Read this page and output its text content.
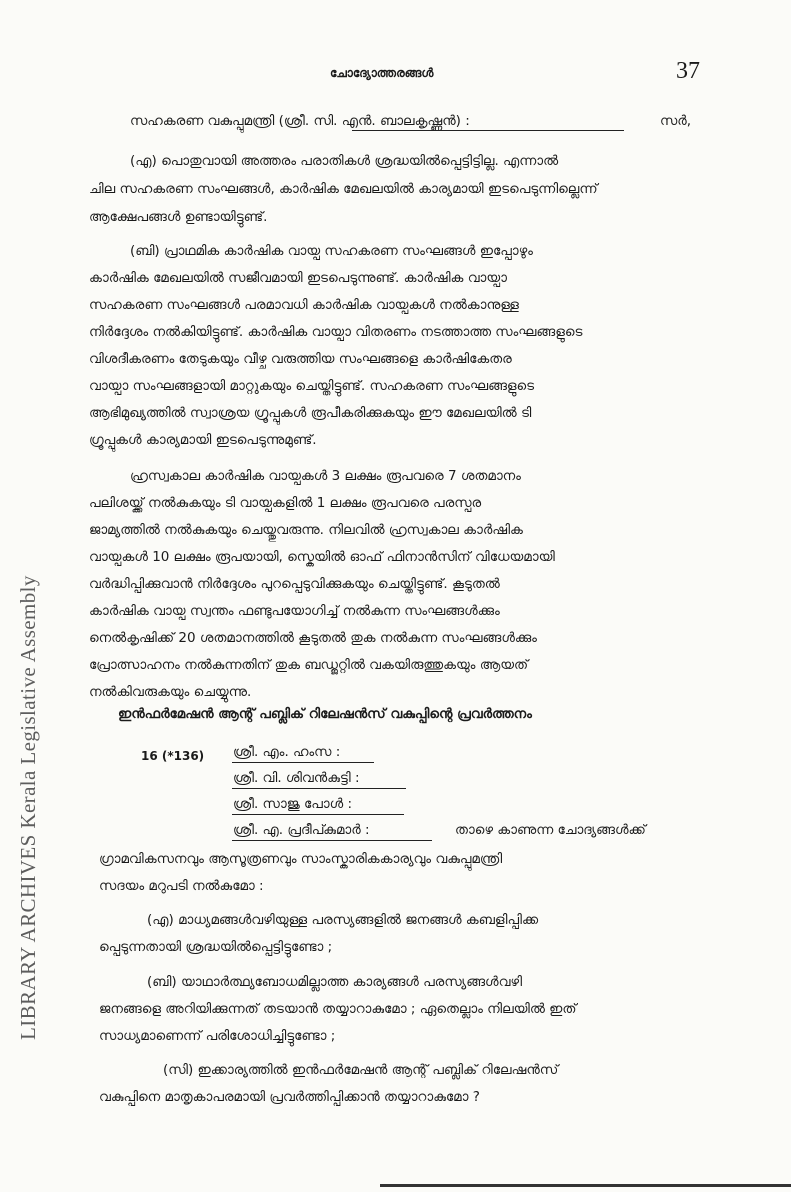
LIBRARY ARCHIVES Kerala Legislative Assembly
ചോദ്യോത്തരങ്ങൾ	37
സഹകരണ വകുപ്പുമന്ത്രി (ശ്രീ. സി. എൻ. ബാലകൃഷ്ണൻ) :	സർ,
(എ) പൊതുവായി അത്തരം പരാതികൾ ശ്രദ്ധയിൽപ്പെട്ടിട്ടില്ല. എന്നാൽ
ചില സഹകരണ സംഘങ്ങൾ, കാർഷിക മേഖലയിൽ കാര്യമായി ഇടപെടുന്നില്ലെന്ന്
ആക്ഷേപങ്ങൾ ഉണ്ടായിട്ടുണ്ട്.
(ബി) പ്രാഥമിക കാർഷിക വായ്പ സഹകരണ സംഘങ്ങൾ ഇപ്പോഴും
കാർഷിക മേഖലയിൽ സജീവമായി ഇടപെടുന്നുണ്ട്. കാർഷിക വായ്പാ
സഹകരണ സംഘങ്ങൾ പരമാവധി കാർഷിക വായ്പകൾ നൽകാനുള്ള
നിർദ്ദേശം നൽകിയിട്ടുണ്ട്. കാർഷിക വായ്പാ വിതരണം നടത്താത്ത സംഘങ്ങളുടെ
വിശദീകരണം തേടുകയും വീഴ്ച വരുത്തിയ സംഘങ്ങളെ കാർഷികേതര
വായ്പാ സംഘങ്ങളായി മാറ്റുകയും ചെയ്തിട്ടുണ്ട്. സഹകരണ സംഘങ്ങളുടെ
ആഭിമുഖ്യത്തിൽ സ്വാശ്രയ ഗ്രൂപ്പുകൾ രൂപീകരിക്കുകയും ഈ മേഖലയിൽ ടി
ഗ്രൂപ്പുകൾ കാര്യമായി ഇടപെടുന്നുമുണ്ട്.
ഹ്രസ്വകാല കാർഷിക വായ്പകൾ 3 ലക്ഷം രൂപവരെ 7 ശതമാനം
പലിശയ്ക്ക് നൽകുകയും ടി വായ്പകളിൽ 1 ലക്ഷം രൂപവരെ പരസ്പര
ജാമ്യത്തിൽ നൽകുകയും ചെയ്തുവരുന്നു. നിലവിൽ ഹ്രസ്വകാല കാർഷിക
വായ്പകൾ 10 ലക്ഷം രൂപയായി, സ്കെയിൽ ഓഫ് ഫിനാൻസിന് വിധേയമായി
വർദ്ധിപ്പിക്കുവാൻ നിർദ്ദേശം പുറപ്പെടുവിക്കുകയും ചെയ്തിട്ടുണ്ട്. കൂടുതൽ
കാർഷിക വായ്പ സ്വന്തം ഫണ്ടുപയോഗിച്ച് നൽകുന്ന സംഘങ്ങൾക്കും
നെൽകൃഷിക്ക് 20 ശതമാനത്തിൽ കൂടുതൽ തുക നൽകുന്ന സംഘങ്ങൾക്കും
പ്രോത്സാഹനം നൽകുന്നതിന് തുക ബഡ്ജറ്റിൽ വകയിരുത്തുകയും ആയത്
നൽകിവരുകയും ചെയ്യുന്നു.
ഇൻഫർമേഷൻ ആന്റ് പബ്ലിക് റിലേഷൻസ് വകുപ്പിന്റെ പ്രവർത്തനം
16 (*136) ശ്രീ. എം. ഹംസ :
ശ്രീ. വി. ശിവൻകുട്ടി :
ശ്രീ. സാജു പോൾ :
ശ്രീ. എ. പ്രദീപ്കുമാർ :	താഴെ കാണുന്ന ചോദ്യങ്ങൾക്ക്
ഗ്രാമവികസനവും ആസൂത്രണവും സാംസ്കാരികകാര്യവും വകുപ്പുമന്ത്രി
സദയം മറുപടി നൽകുമോ :
(എ) മാധ്യമങ്ങൾവഴിയുള്ള പരസ്യങ്ങളിൽ ജനങ്ങൾ കബളിപ്പിക്ക
പ്പെടുന്നതായി ശ്രദ്ധയിൽപ്പെട്ടിട്ടുണ്ടോ ;
(ബി) യാഥാർത്ഥ്യബോധമില്ലാത്ത കാര്യങ്ങൾ പരസ്യങ്ങൾവഴി
ജനങ്ങളെ അറിയിക്കുന്നത് തടയാൻ തയ്യാറാകുമോ ; ഏതെല്ലാം നിലയിൽ ഇത്
സാധ്യമാണെന്ന് പരിശോധിച്ചിട്ടുണ്ടോ ;
(സി) ഇക്കാര്യത്തിൽ ഇൻഫർമേഷൻ ആന്റ് പബ്ലിക് റിലേഷൻസ്
വകുപ്പിനെ മാതൃകാപരമായി പ്രവർത്തിപ്പിക്കാൻ തയ്യാറാകുമോ ?
